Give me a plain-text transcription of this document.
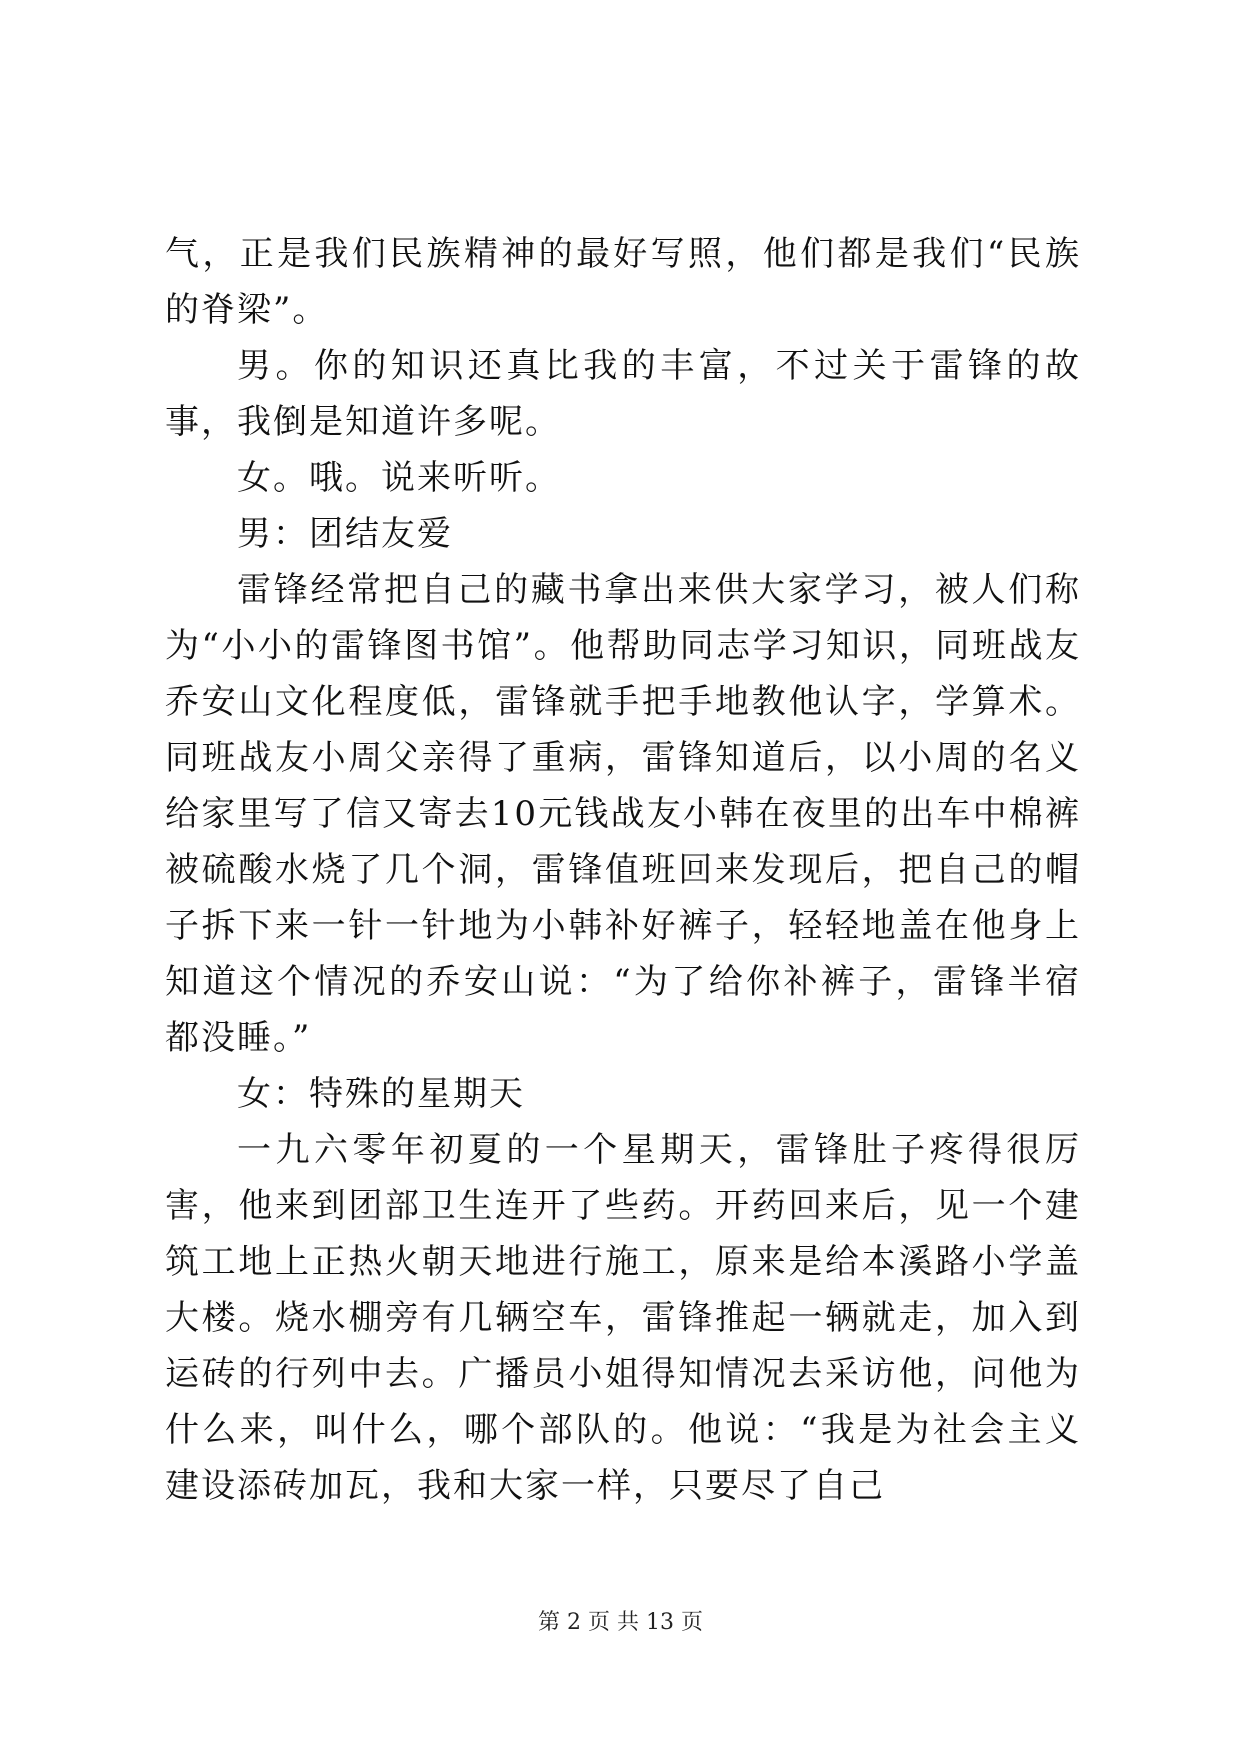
气，正是我们民族精神的最好写照，他们都是我们“民族的脊梁”。

男。你的知识还真比我的丰富，不过关于雷锋的故事，我倒是知道许多呢。

女。哦。说来听听。

男：团结友爱

雷锋经常把自己的藏书拿出来供大家学习，被人们称为“小小的雷锋图书馆”。他帮助同志学习知识，同班战友乔安山文化程度低，雷锋就手把手地教他认字，学算术。同班战友小周父亲得了重病，雷锋知道后，以小周的名义给家里写了信又寄去10元钱战友小韩在夜里的出车中棉裤被硫酸水烧了几个洞，雷锋值班回来发现后，把自己的帽子拆下来一针一针地为小韩补好裤子，轻轻地盖在他身上知道这个情况的乔安山说：“为了给你补裤子，雷锋半宿都没睡。”

女：特殊的星期天

一九六零年初夏的一个星期天，雷锋肚子疼得很厉害，他来到团部卫生连开了些药。开药回来后，见一个建筑工地上正热火朝天地进行施工，原来是给本溪路小学盖大楼。烧水棚旁有几辆空车，雷锋推起一辆就走，加入到运砖的行列中去。广播员小姐得知情况去采访他，问他为什么来，叫什么，哪个部队的。他说：“我是为社会主义建设添砖加瓦，我和大家一样，只要尽了自己

第 2 页 共 13 页
